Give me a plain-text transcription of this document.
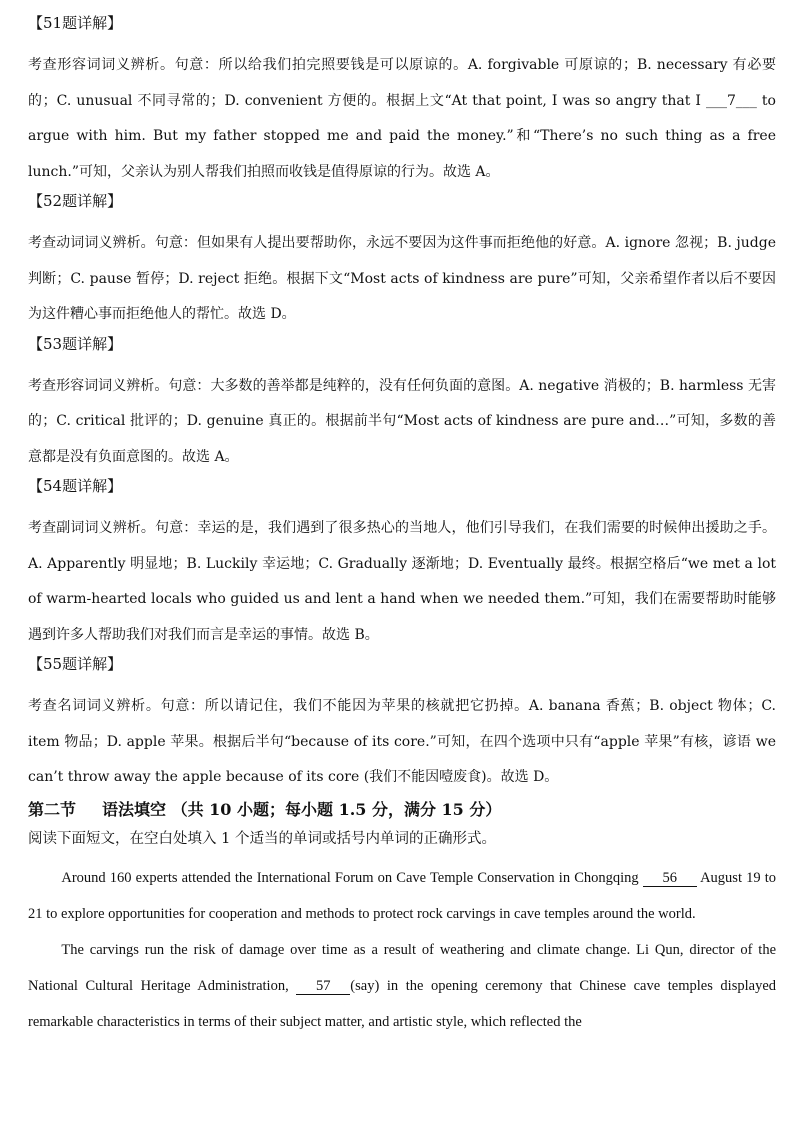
【51题详解】

考查形容词词义辨析。句意：所以给我们拍完照要钱是可以原谅的。A. forgivable 可原谅的；B. necessary 有必要的；C. unusual 不同寻常的；D. convenient 方便的。根据上文“At that point, I was so angry that I ___7___ to argue with him. But my father stopped me and paid the money.”和“There’s no such thing as a free lunch.”可知，父亲认为别人帮我们拍照而收钱是值得原谅的行为。故选 A。

【52题详解】

考查动词词义辨析。句意：但如果有人提出要帮助你，永远不要因为这件事而拒绝他的好意。A. ignore 忽视；B. judge 判断；C. pause 暂停；D. reject 拒绝。根据下文“Most acts of kindness are pure”可知，父亲希望作者以后不要因为这件糟心事而拒绝他人的帮忙。故选 D。

【53题详解】

考查形容词词义辨析。句意：大多数的善举都是纯粹的，没有任何负面的意图。A. negative 消极的；B. harmless 无害的；C. critical 批评的；D. genuine 真正的。根据前半句“Most acts of kindness are pure and…”可知，多数的善意都是没有负面意图的。故选 A。

【54题详解】

考查副词词义辨析。句意：幸运的是，我们遇到了很多热心的当地人，他们引导我们，在我们需要的时候伸出援助之手。A. Apparently 明显地；B. Luckily 幸运地；C. Gradually 逐渐地；D. Eventually 最终。根据空格后“we met a lot of warm-hearted locals who guided us and lent a hand when we needed them.”可知，我们在需要帮助时能够遇到许多人帮助我们对我们而言是幸运的事情。故选 B。

【55题详解】

考查名词词义辨析。句意：所以请记住，我们不能因为苹果的核就把它扔掉。A. banana 香蕉；B. object 物体；C. item 物品；D. apple 苹果。根据后半句“because of its core.”可知，在四个选项中只有“apple 苹果”有核，谚语 we can’t throw away the apple because of its core (我们不能因噎废食)。故选 D。

第二节 语法填空 （共 10 小题；每小题 1.5 分，满分 15 分）
阅读下面短文，在空白处填入 1 个适当的单词或括号内单词的正确形式。

Around 160 experts attended the International Forum on Cave Temple Conservation in Chongqing 56 August 19 to 21 to explore opportunities for cooperation and methods to protect rock carvings in cave temples around the world.

The carvings run the risk of damage over time as a result of weathering and climate change. Li Qun, director of the National Cultural Heritage Administration, 57 (say) in the opening ceremony that Chinese cave temples displayed remarkable characteristics in terms of their subject matter, and artistic style, which reflected the
